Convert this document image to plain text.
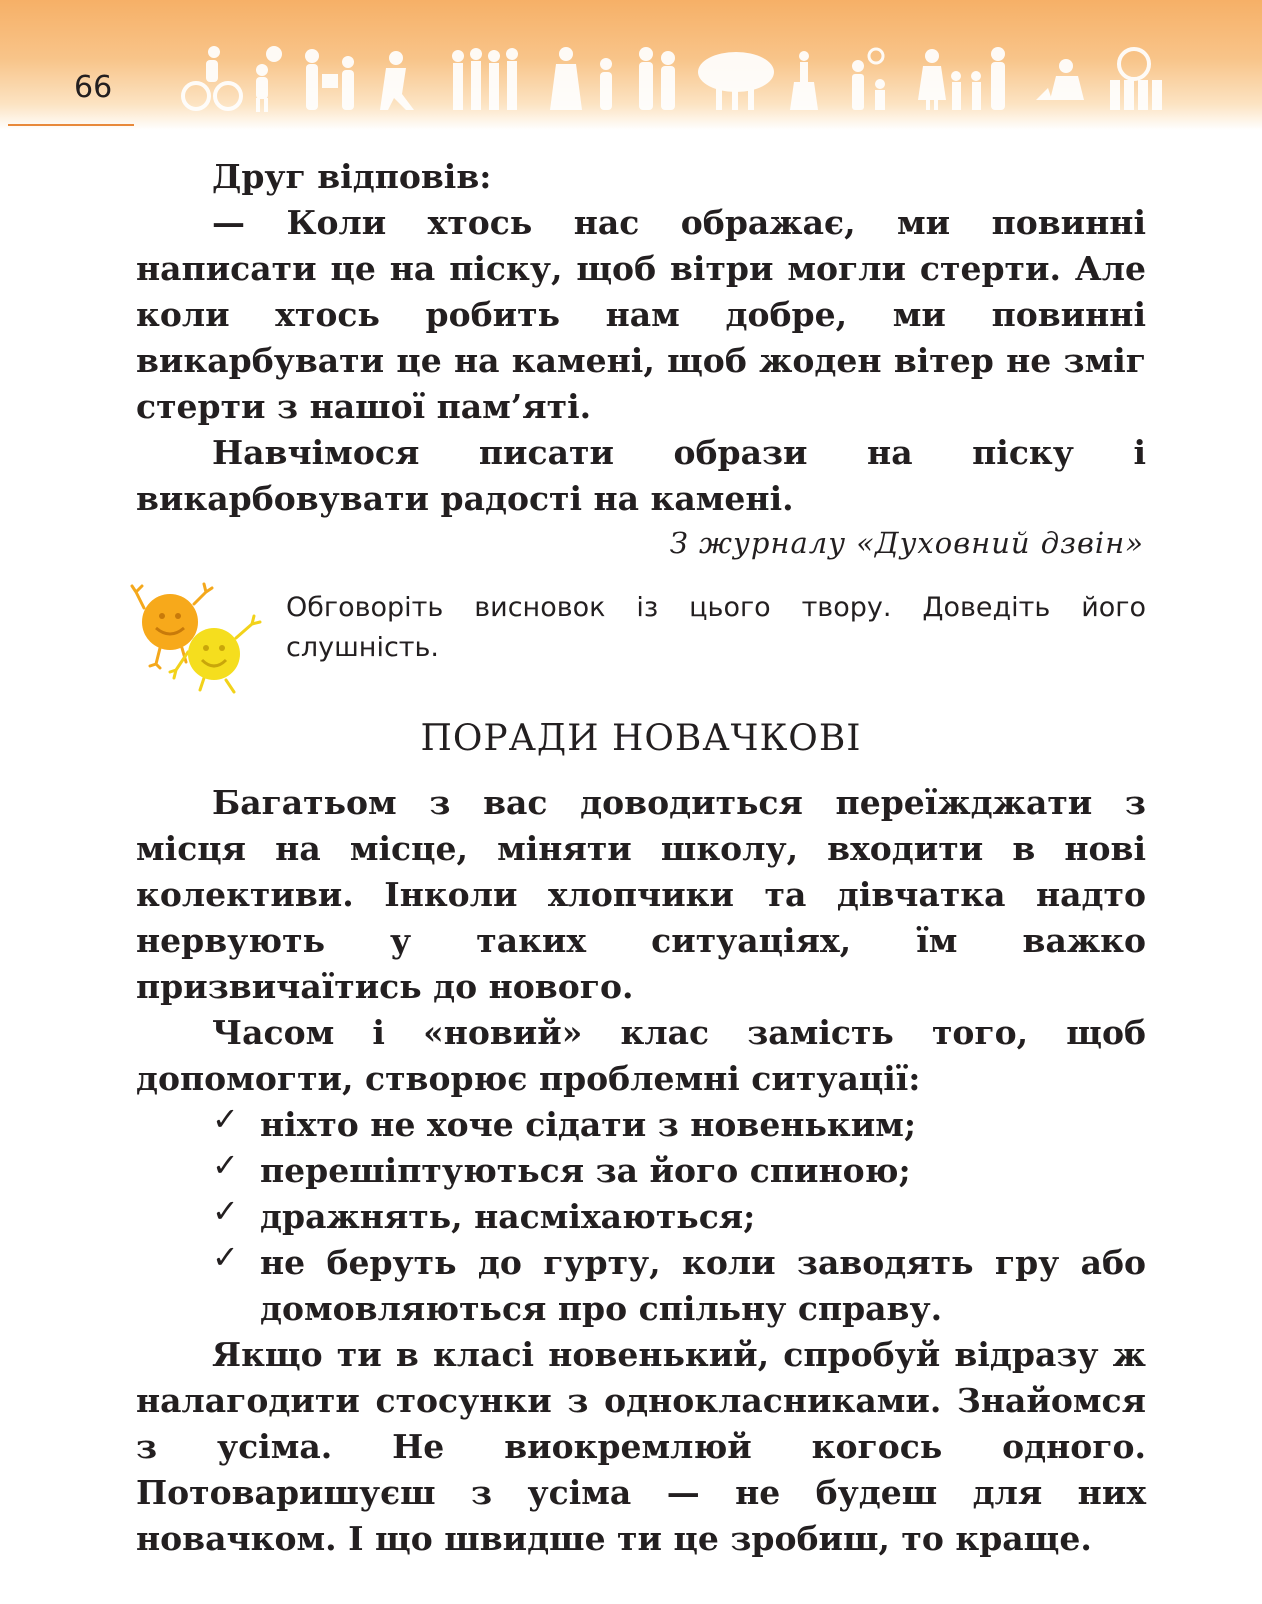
66

Друг відповів:

— Коли хтось нас ображає, ми повинні написати це на піску, щоб вітри могли стерти. Але коли хтось робить нам добре, ми повинні викарбувати це на камені, щоб жоден вітер не зміг стерти з нашої пам’яті.

Навчімося писати образи на піску і викарбовувати радості на камені.

З журналу «Духовний дзвін»
Обговоріть висновок із цього твору. Доведіть його слушність.
ПОРАДИ НОВАЧКОВІ

Багатьом з вас доводиться переїжджати з місця на місце, міняти школу, входити в нові колективи. Інколи хлопчики та дівчатка надто нервують у таких ситуаціях, їм важко призвичаїтись до нового.

Часом і «новий» клас замість того, щоб допомогти, створює проблемні ситуації:

✓ ніхто не хоче сідати з новеньким;
✓ перешіптуються за його спиною;
✓ дражнять, насміхаються;
✓ не беруть до гурту, коли заводять гру або домовляються про спільну справу.

Якщо ти в класі новенький, спробуй відразу ж налагодити стосунки з однокласниками. Знайомся з усіма. Не виокремлюй когось одного. Потоваришуєш з усіма — не будеш для них новачком. І що швидше ти це зробиш, то краще.
